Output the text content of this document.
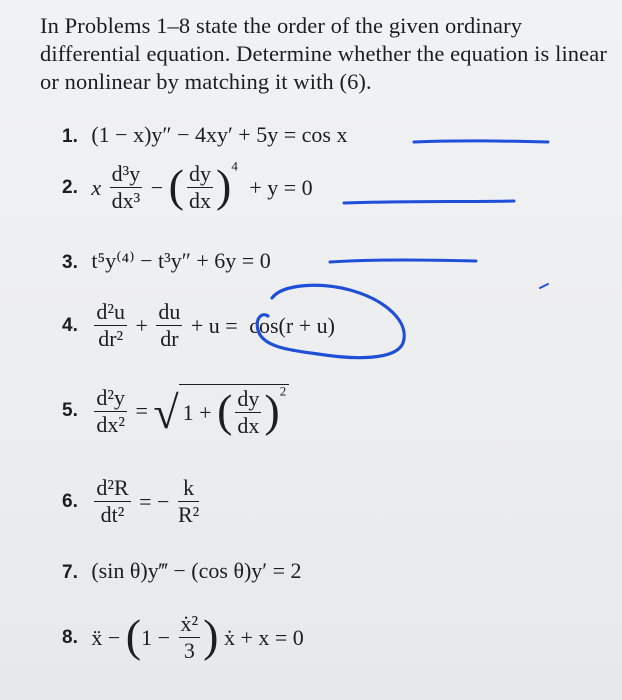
In Problems 1–8 state the order of the given ordinary differential equation. Determine whether the equation is linear or nonlinear by matching it with (6).
1. (1 − x)y″ − 4xy′ + 5y = cos x
2. x $\frac{\text{d³y}}{\text{dx³}}$ − ( $\frac{dy}{dx} )^4 + y = 0$
3. t⁵y⁽⁴⁾ − t³y″ + 6y = 0
4. $\frac{\text{d²u}}{\text{dr²}} + \frac{du}{dr} + u = \cos(r + u)$
5. $\frac{\text{d²y}}{\text{dx²}}$ = √ 1 + ( $\frac{dy}{dx} )^2$
6. $\frac{\text{d²R}}{\text{dt²}}$ = − $\frac{k}{\text{R²}}$
7. (sin θ)y‴ − (cos θ)y′ = 2
8. ẍ − ($1 - \frac{\text{ẋ²}}{3}$ ) ẋ + x = 0
